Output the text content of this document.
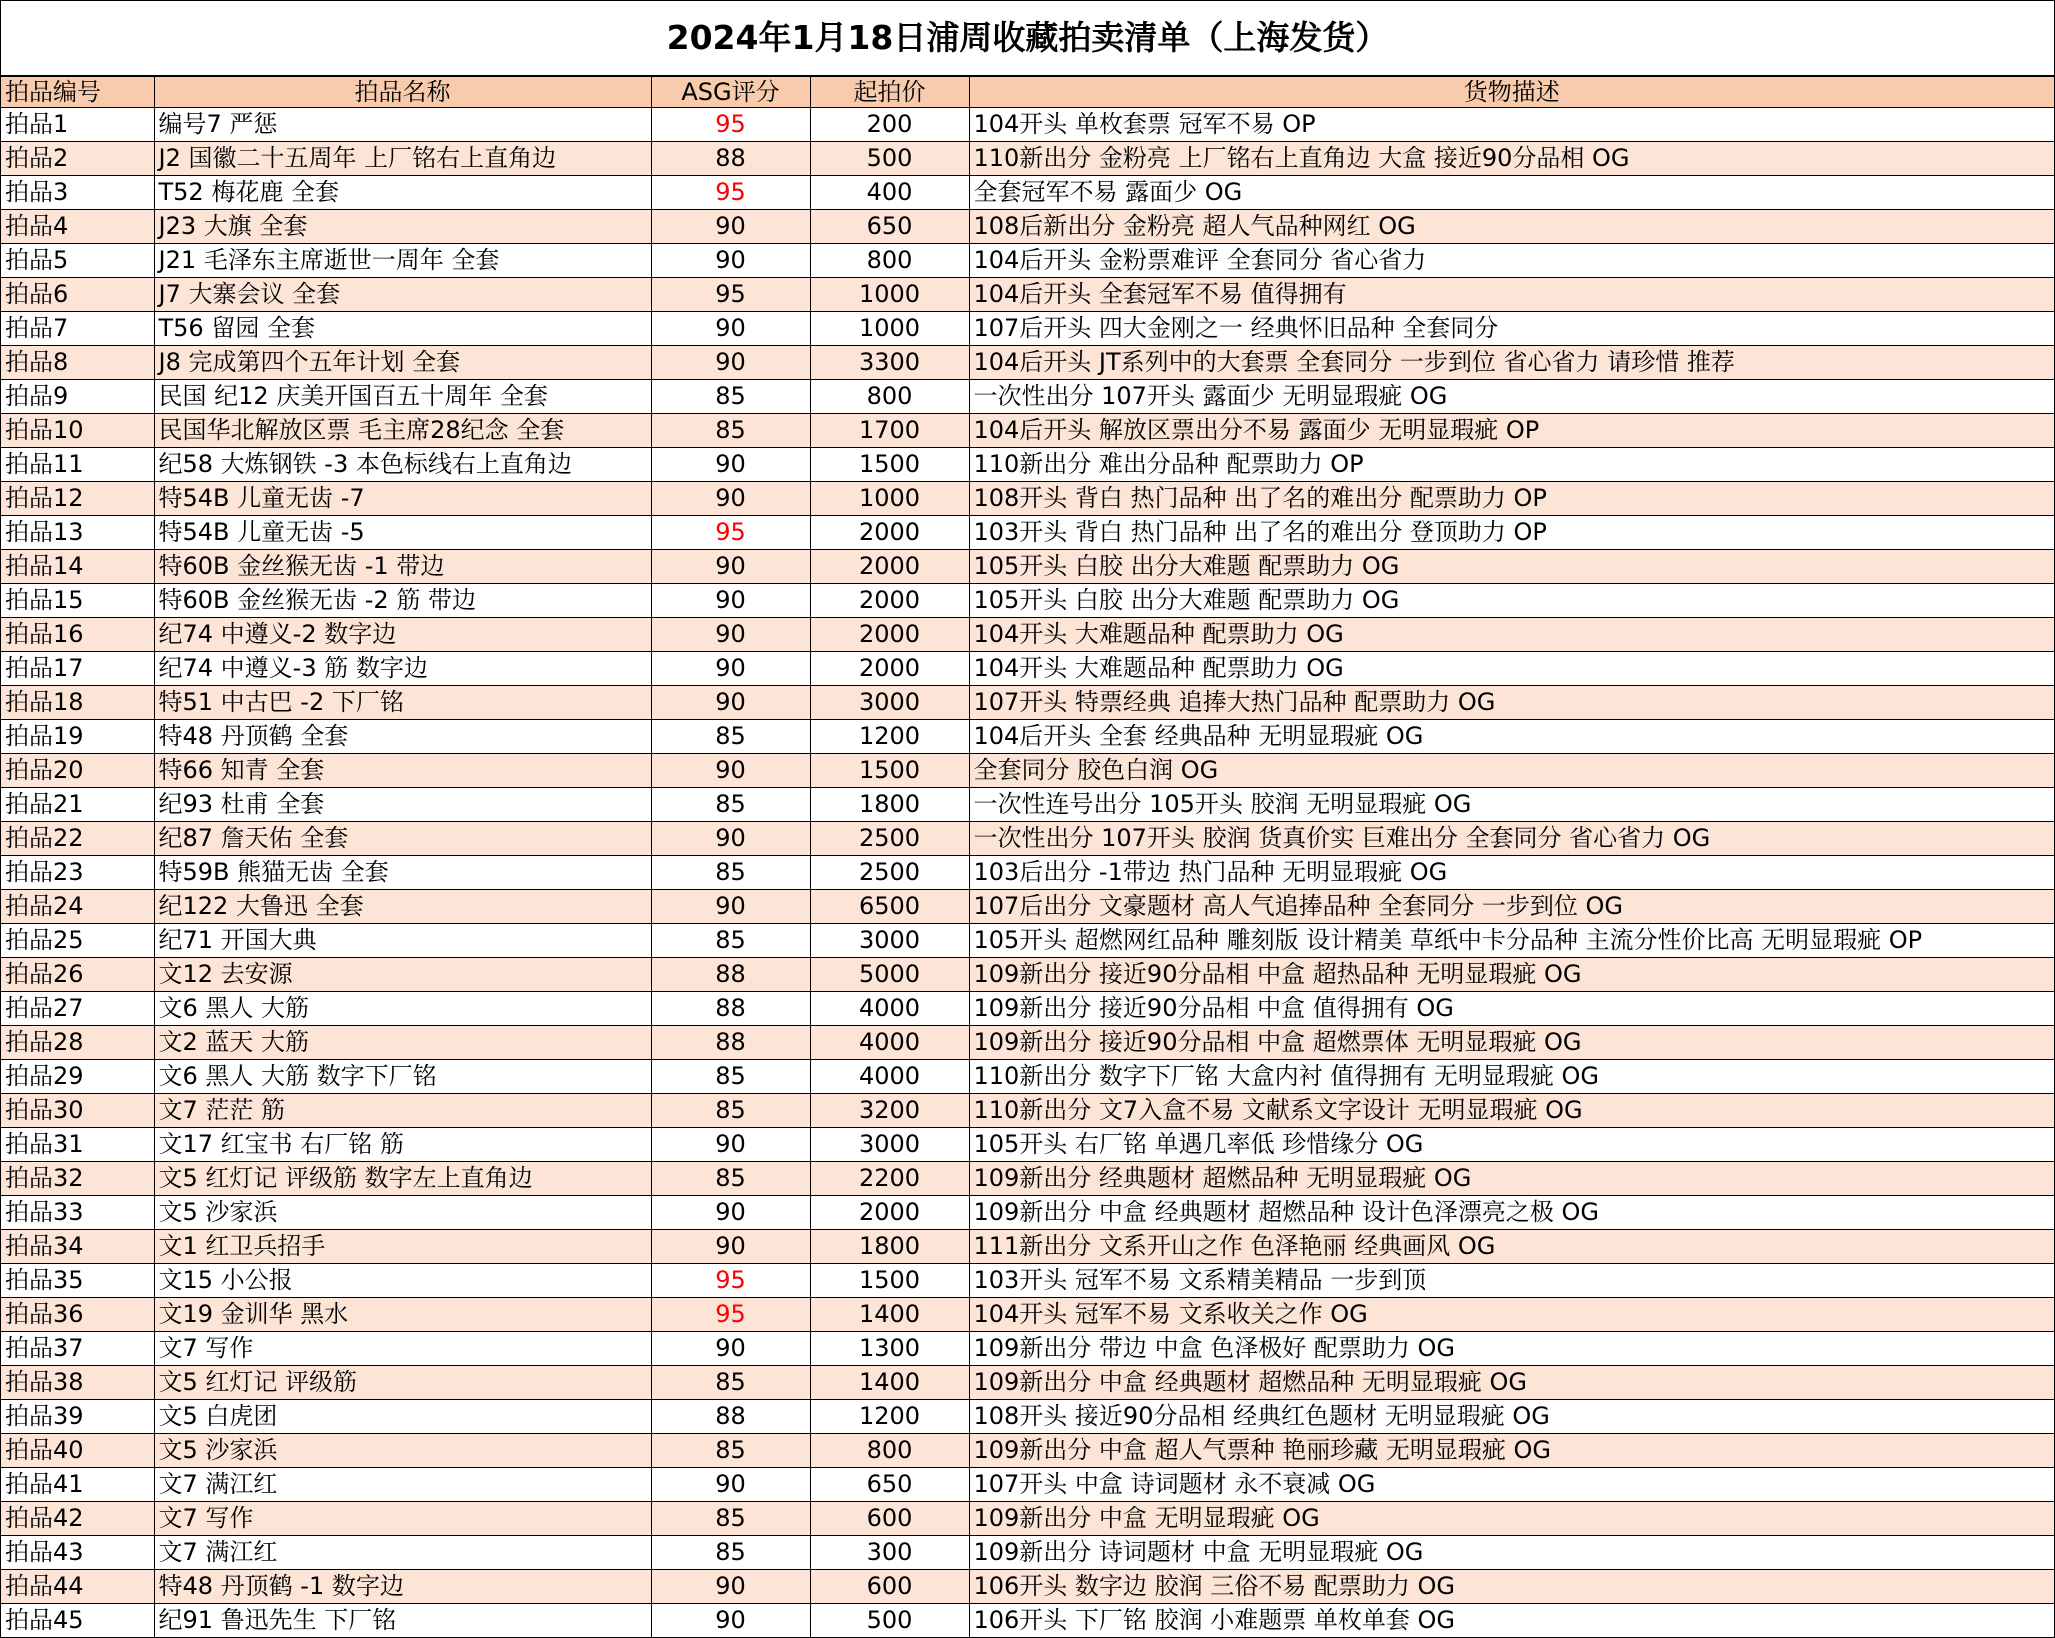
2024年1月18日浦周收藏拍卖清单（上海发货）
拍品编号	拍品名称	ASG评分	起拍价	货物描述
拍品1	编号7 严惩	95	200	104开头 单枚套票 冠军不易 OP
拍品2	J2 国徽二十五周年 上厂铭右上直角边	88	500	110新出分 金粉亮 上厂铭右上直角边 大盒 接近90分品相 OG
拍品3	T52 梅花鹿 全套	95	400	全套冠军不易 露面少 OG
拍品4	J23 大旗 全套	90	650	108后新出分 金粉亮 超人气品种网红 OG
拍品5	J21 毛泽东主席逝世一周年 全套	90	800	104后开头 金粉票难评 全套同分 省心省力
拍品6	J7 大寨会议 全套	95	1000	104后开头 全套冠军不易 值得拥有
拍品7	T56 留园 全套	90	1000	107后开头 四大金刚之一 经典怀旧品种 全套同分
拍品8	J8 完成第四个五年计划 全套	90	3300	104后开头 JT系列中的大套票 全套同分 一步到位 省心省力 请珍惜 推荐
拍品9	民国 纪12 庆美开国百五十周年 全套	85	800	一次性出分 107开头 露面少 无明显瑕疵 OG
拍品10	民国华北解放区票 毛主席28纪念 全套	85	1700	104后开头 解放区票出分不易 露面少 无明显瑕疵 OP
拍品11	纪58 大炼钢铁 -3 本色标线右上直角边	90	1500	110新出分 难出分品种 配票助力 OP
拍品12	特54B 儿童无齿 -7	90	1000	108开头 背白 热门品种 出了名的难出分 配票助力 OP
拍品13	特54B 儿童无齿 -5	95	2000	103开头 背白 热门品种 出了名的难出分 登顶助力 OP
拍品14	特60B 金丝猴无齿 -1 带边	90	2000	105开头 白胶 出分大难题 配票助力 OG
拍品15	特60B 金丝猴无齿 -2 筋 带边	90	2000	105开头 白胶 出分大难题 配票助力 OG
拍品16	纪74 中遵义-2 数字边	90	2000	104开头 大难题品种 配票助力 OG
拍品17	纪74 中遵义-3 筋 数字边	90	2000	104开头 大难题品种 配票助力 OG
拍品18	特51 中古巴 -2 下厂铭	90	3000	107开头 特票经典 追捧大热门品种 配票助力 OG
拍品19	特48 丹顶鹤 全套	85	1200	104后开头 全套 经典品种 无明显瑕疵 OG
拍品20	特66 知青 全套	90	1500	全套同分 胶色白润 OG
拍品21	纪93 杜甫 全套	85	1800	一次性连号出分 105开头 胶润 无明显瑕疵 OG
拍品22	纪87 詹天佑 全套	90	2500	一次性出分 107开头 胶润 货真价实 巨难出分 全套同分 省心省力 OG
拍品23	特59B 熊猫无齿 全套	85	2500	103后出分 -1带边 热门品种 无明显瑕疵 OG
拍品24	纪122 大鲁迅 全套	90	6500	107后出分 文豪题材 高人气追捧品种 全套同分 一步到位 OG
拍品25	纪71 开国大典	85	3000	105开头 超燃网红品种 雕刻版 设计精美 草纸中卡分品种 主流分性价比高 无明显瑕疵 OP
拍品26	文12 去安源	88	5000	109新出分 接近90分品相 中盒 超热品种 无明显瑕疵 OG
拍品27	文6 黑人 大筋	88	4000	109新出分 接近90分品相 中盒 值得拥有 OG
拍品28	文2 蓝天 大筋	88	4000	109新出分 接近90分品相 中盒 超燃票体 无明显瑕疵 OG
拍品29	文6 黑人 大筋 数字下厂铭	85	4000	110新出分 数字下厂铭 大盒内衬 值得拥有 无明显瑕疵 OG
拍品30	文7 茫茫 筋	85	3200	110新出分 文7入盒不易 文献系文字设计 无明显瑕疵 OG
拍品31	文17 红宝书 右厂铭 筋	90	3000	105开头 右厂铭 单遇几率低 珍惜缘分 OG
拍品32	文5 红灯记 评级筋 数字左上直角边	85	2200	109新出分 经典题材 超燃品种 无明显瑕疵 OG
拍品33	文5 沙家浜	90	2000	109新出分 中盒 经典题材 超燃品种 设计色泽漂亮之极 OG
拍品34	文1 红卫兵招手	90	1800	111新出分 文系开山之作 色泽艳丽 经典画风 OG
拍品35	文15 小公报	95	1500	103开头 冠军不易 文系精美精品 一步到顶
拍品36	文19 金训华 黑水	95	1400	104开头 冠军不易 文系收关之作 OG
拍品37	文7 写作	90	1300	109新出分 带边 中盒 色泽极好 配票助力 OG
拍品38	文5 红灯记 评级筋	85	1400	109新出分 中盒 经典题材 超燃品种 无明显瑕疵 OG
拍品39	文5 白虎团	88	1200	108开头 接近90分品相 经典红色题材 无明显瑕疵 OG
拍品40	文5 沙家浜	85	800	109新出分 中盒 超人气票种 艳丽珍藏 无明显瑕疵 OG
拍品41	文7 满江红	90	650	107开头 中盒 诗词题材 永不衰减 OG
拍品42	文7 写作	85	600	109新出分 中盒 无明显瑕疵 OG
拍品43	文7 满江红	85	300	109新出分 诗词题材 中盒 无明显瑕疵 OG
拍品44	特48 丹顶鹤 -1 数字边	90	600	106开头 数字边 胶润 三俗不易 配票助力 OG
拍品45	纪91 鲁迅先生 下厂铭	90	500	106开头 下厂铭 胶润 小难题票 单枚单套 OG
